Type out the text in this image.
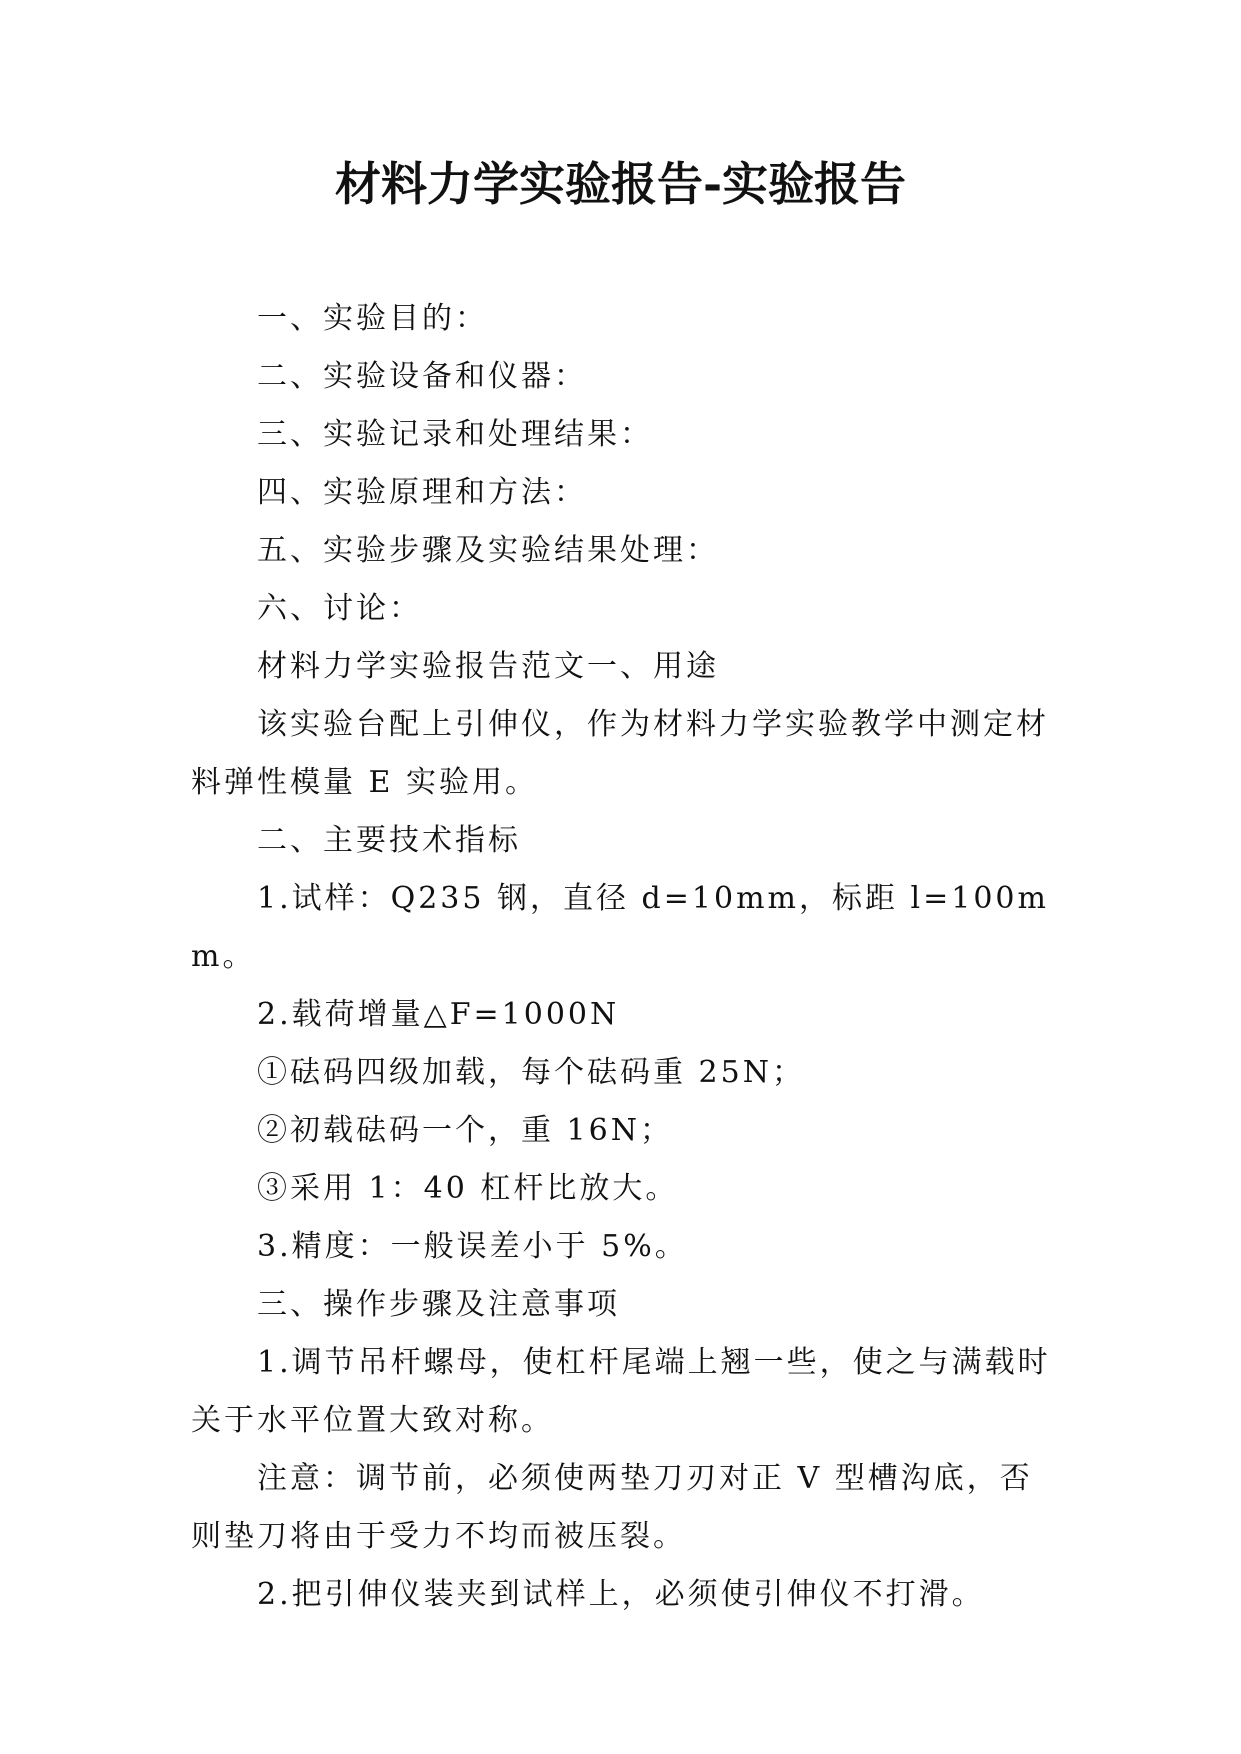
材料力学实验报告-实验报告

一、实验目的：

二、实验设备和仪器：

三、实验记录和处理结果：

四、实验原理和方法：

五、实验步骤及实验结果处理：

六、讨论：

材料力学实验报告范文一、用途

该实验台配上引伸仪，作为材料力学实验教学中测定材料弹性模量 E 实验用。

二、主要技术指标

1.试样：Q235 钢，直径 d=10mm，标距 l=100mm。

2.载荷增量△F=1000N

①砝码四级加载，每个砝码重 25N；

②初载砝码一个，重 16N；

③采用 1：40 杠杆比放大。

3.精度：一般误差小于 5%。

三、操作步骤及注意事项

1.调节吊杆螺母，使杠杆尾端上翘一些，使之与满载时关于水平位置大致对称。

注意：调节前，必须使两垫刀刃对正 V 型槽沟底，否则垫刀将由于受力不均而被压裂。

2.把引伸仪装夹到试样上，必须使引伸仪不打滑。
